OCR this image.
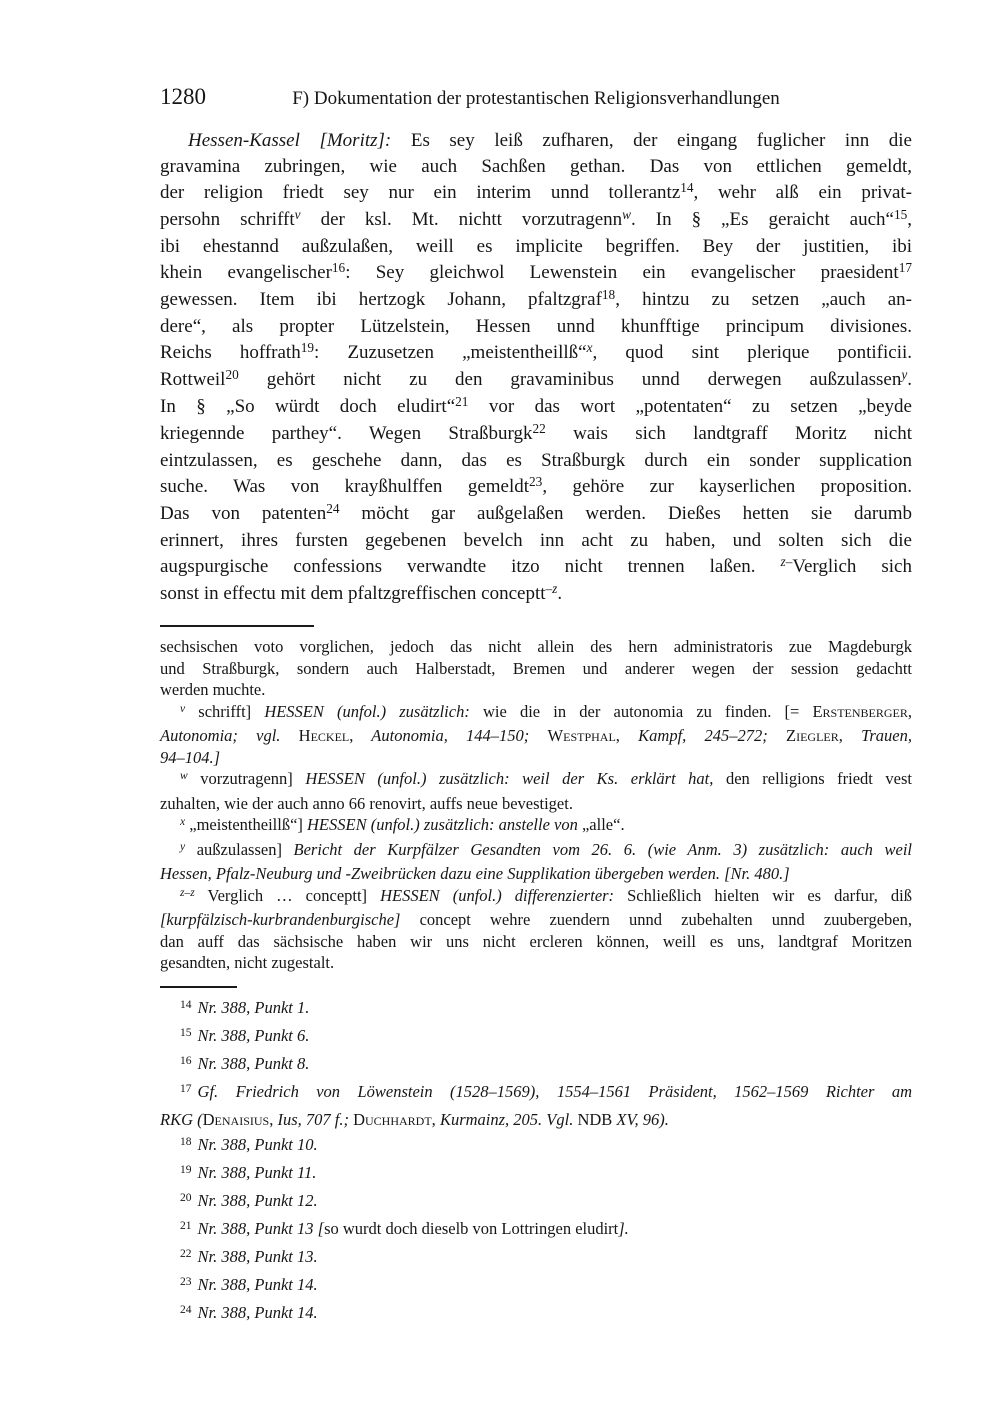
1280	F) Dokumentation der protestantischen Religionsverhandlungen
Hessen-Kassel [Moritz]: Es sey leiß zufharen, der eingang fuglicher inn die
gravamina zubringen, wie auch Sachßen gethan. Das von ettlichen gemeldt,
der religion friedt sey nur ein interim unnd tollerantz$^{14}$, wehr alß ein privat-
persohn schrifft$^v$ der ksl. Mt. nichtt vorzutragenn$^w$. In § „Es geraicht auch“$^{15}$,
ibi ehestannd außzulaßen, weill es implicite begriffen. Bey der justitien, ibi
khein evangelischer$^{16}$: Sey gleichwol Lewenstein ein evangelischer praesident$^{17}$
gewessen. Item ibi hertzogk Johann, pfaltzgraf$^{18}$, hintzu zu setzen „auch an-
dere“, als propter Lützelstein, Hessen unnd khunfftige principum divisiones.
Reichs hoffrath$^{19}$: Zuzusetzen „meistentheillß“$^x$, quod sint plerique pontificii.
Rottweil$^{20}$ gehört nicht zu den gravaminibus unnd derwegen außzulassen$^y$.
In § „So würdt doch eludirt“$^{21}$ vor das wort „potentaten“ zu setzen „beyde
kriegennde parthey“. Wegen Straßburgk$^{22}$ wais sich landtgraff Moritz nicht
eintzulassen, es geschehe dann, das es Straßburgk durch ein sonder supplication
suche. Was von krayßhulffen gemeldt$^{23}$, gehöre zur kayserlichen proposition.
Das von patenten$^{24}$ möcht gar außgelaßen werden. Dießes hetten sie darumb
erinnert, ihres fursten gegebenen bevelch inn acht zu haben, und solten sich die
augspurgische confessions verwandte itzo nicht trennen laßen. $^{z-}$Verglich sich
sonst in effectu mit dem pfaltzgreffischen conceptt$^{-z}$.
sechsischen voto vorglichen, jedoch das nicht allein des hern administratoris zue Magdeburgk
und Straßburgk, sondern auch Halberstadt, Bremen und anderer wegen der session gedachtt
werden muchte.
$^v$ schrifft] HESSEN (unfol.) zusätzlich: wie die in der autonomia zu finden. [= Erstenberger,
Autonomia; vgl. Heckel, Autonomia, 144–150; Westphal, Kampf, 245–272; Ziegler, Trauen,
94–104.]
$^w$ vorzutragenn] HESSEN (unfol.) zusätzlich: weil der Ks. erklärt hat, den relligions friedt vest
zuhalten, wie der auch anno 66 renovirt, auffs neue bevestiget.
$^x$ „meistentheillß“] HESSEN (unfol.) zusätzlich: anstelle von „alle“.
$^y$ außzulassen] Bericht der Kurpfälzer Gesandten vom 26. 6. (wie Anm. 3) zusätzlich: auch weil
Hessen, Pfalz-Neuburg und -Zweibrücken dazu eine Supplikation übergeben werden. [Nr. 480.]
$^{z-z}$ Verglich … conceptt] HESSEN (unfol.) differenzierter: Schließlich hielten wir es darfur, diß
[kurpfälzisch-kurbrandenburgische] concept wehre zuendern unnd zubehalten unnd zuubergeben,
dan auff das sächsische haben wir uns nicht ercleren können, weill es uns, landtgraf Moritzen
gesandten, nicht zugestalt.
$^{14}$ Nr. 388, Punkt 1.
$^{15}$ Nr. 388, Punkt 6.
$^{16}$ Nr. 388, Punkt 8.
$^{17}$ Gf. Friedrich von Löwenstein (1528–1569), 1554–1561 Präsident, 1562–1569 Richter am
RKG (Denaisius, Ius, 707 f.; Duchhardt, Kurmainz, 205. Vgl. NDB XV, 96).
$^{18}$ Nr. 388, Punkt 10.
$^{19}$ Nr. 388, Punkt 11.
$^{20}$ Nr. 388, Punkt 12.
$^{21}$ Nr. 388, Punkt 13 [so wurdt doch dieselb von Lottringen eludirt].
$^{22}$ Nr. 388, Punkt 13.
$^{23}$ Nr. 388, Punkt 14.
$^{24}$ Nr. 388, Punkt 14.
